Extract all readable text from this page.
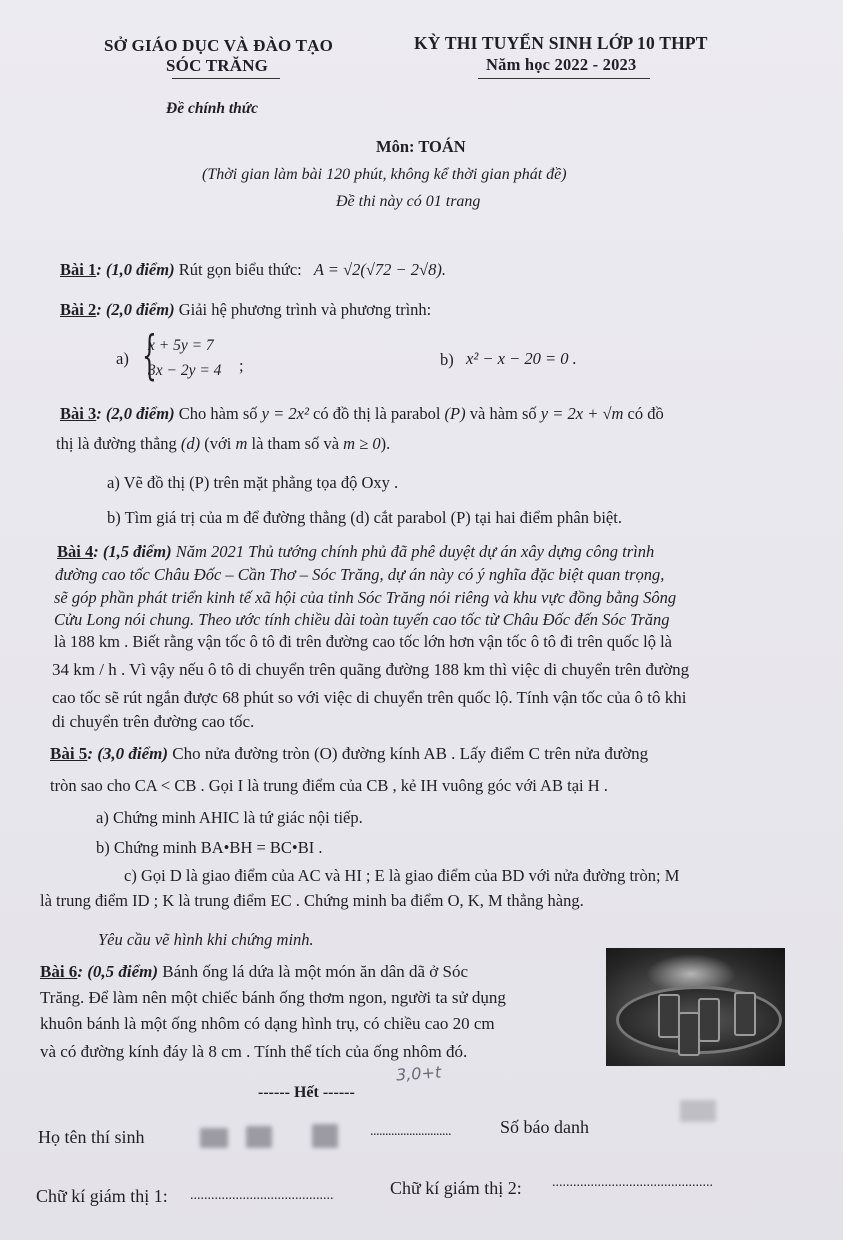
SỞ GIÁO DỤC VÀ ĐÀO TẠO
SÓC TRĂNG
KỲ THI TUYỂN SINH LỚP 10 THPT
Năm học 2022 - 2023
Đề chính thức
Môn: TOÁN
(Thời gian làm bài 120 phút, không kể thời gian phát đề)
Đề thi này có 01 trang
Bài 1: (1,0 điểm) Rút gọn biểu thức: A = √2(√72 − 2√8).
Bài 2: (2,0 điểm) Giải hệ phương trình và phương trình:
a) {
x + 5y = 7
3x − 2y = 4 ;	b) x² − x − 20 = 0 .
Bài 3: (2,0 điểm) Cho hàm số y = 2x² có đồ thị là parabol (P) và hàm số y = 2x + √m có đồ
thị là đường thẳng (d) (với m là tham số và m ≥ 0).
a) Vẽ đồ thị (P) trên mặt phẳng tọa độ Oxy .
b) Tìm giá trị của m để đường thẳng (d) cắt parabol (P) tại hai điểm phân biệt.
Bài 4: (1,5 điểm) Năm 2021 Thủ tướng chính phủ đã phê duyệt dự án xây dựng công trình
đường cao tốc Châu Đốc – Cần Thơ – Sóc Trăng, dự án này có ý nghĩa đặc biệt quan trọng,
sẽ góp phần phát triển kinh tế xã hội của tỉnh Sóc Trăng nói riêng và khu vực đồng bằng Sông
Cửu Long nói chung. Theo ước tính chiều dài toàn tuyến cao tốc từ Châu Đốc đến Sóc Trăng
là 188 km . Biết rằng vận tốc ô tô đi trên đường cao tốc lớn hơn vận tốc ô tô đi trên quốc lộ là
34 km / h . Vì vậy nếu ô tô di chuyển trên quãng đường 188 km thì việc di chuyển trên đường
cao tốc sẽ rút ngắn được 68 phút so với việc di chuyển trên quốc lộ. Tính vận tốc của ô tô khi
di chuyển trên đường cao tốc.
Bài 5: (3,0 điểm) Cho nửa đường tròn (O) đường kính AB . Lấy điểm C trên nửa đường
tròn sao cho CA < CB . Gọi I là trung điểm của CB , kẻ IH vuông góc với AB tại H .
a) Chứng minh AHIC là tứ giác nội tiếp.
b) Chứng minh BA•BH = BC•BI .
c) Gọi D là giao điểm của AC và HI ; E là giao điểm của BD với nửa đường tròn; M
là trung điểm ID ; K là trung điểm EC . Chứng minh ba điểm O, K, M thẳng hàng.
Yêu cầu vẽ hình khi chứng minh.
Bài 6: (0,5 điểm) Bánh ống lá dứa là một món ăn dân dã ở Sóc
Trăng. Để làm nên một chiếc bánh ống thơm ngon, người ta sử dụng
khuôn bánh là một ống nhôm có dạng hình trụ, có chiều cao 20 cm
và có đường kính đáy là 8 cm . Tính thể tích của ống nhôm đó.
------ Hết ------
3,0+t
Họ tên thí sinh	...........................	Số báo danh
Chữ kí giám thị 1: .........................................	Chữ kí giám thị 2: ..............................................
